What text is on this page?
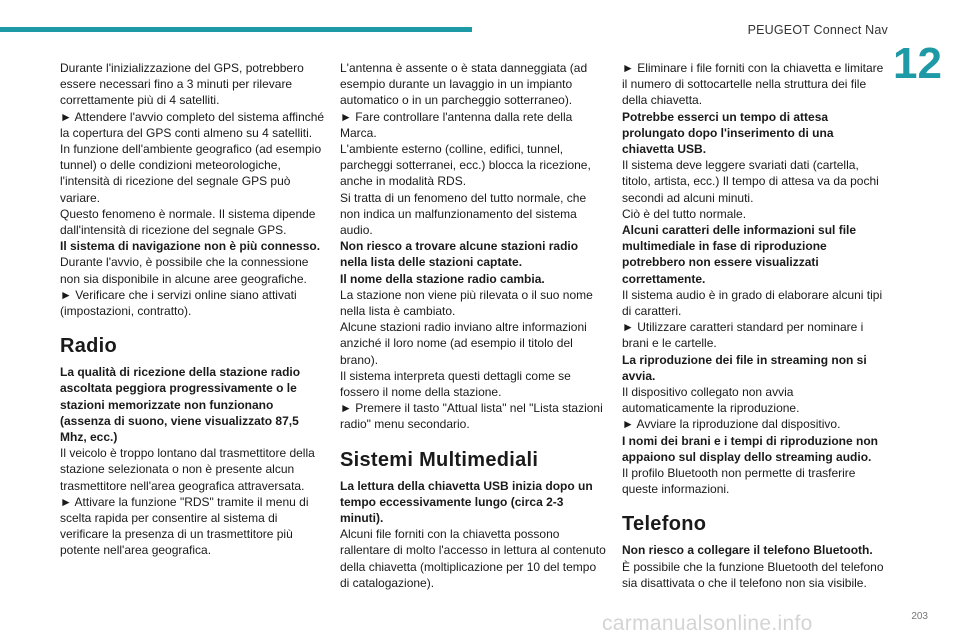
PEUGEOT Connect Nav
12

Durante l'inizializzazione del GPS, potrebbero essere necessari fino a 3 minuti per rilevare correttamente più di 4 satelliti.

► Attendere l'avvio completo del sistema affinché la copertura del GPS conti almeno su 4 satelliti.

In funzione dell'ambiente geografico (ad esempio tunnel) o delle condizioni meteorologiche, l'intensità di ricezione del segnale GPS può variare.

Questo fenomeno è normale. Il sistema dipende dall'intensità di ricezione del segnale GPS.

Il sistema di navigazione non è più connesso.

Durante l'avvio, è possibile che la connessione non sia disponibile in alcune aree geografiche.

► Verificare che i servizi online siano attivati (impostazioni, contratto).

Radio

La qualità di ricezione della stazione radio ascoltata peggiora progressivamente o le stazioni memorizzate non funzionano (assenza di suono, viene visualizzato 87,5 Mhz, ecc.)

Il veicolo è troppo lontano dal trasmettitore della stazione selezionata o non è presente alcun trasmettitore nell'area geografica attraversata.

► Attivare la funzione "RDS" tramite il menu di scelta rapida per consentire al sistema di verificare la presenza di un trasmettitore più potente nell'area geografica.

L'antenna è assente o è stata danneggiata (ad esempio durante un lavaggio in un impianto automatico o in un parcheggio sotterraneo).

► Fare controllare l'antenna dalla rete della Marca.

L'ambiente esterno (colline, edifici, tunnel, parcheggi sotterranei, ecc.) blocca la ricezione, anche in modalità RDS.

Si tratta di un fenomeno del tutto normale, che non indica un malfunzionamento del sistema audio.

Non riesco a trovare alcune stazioni radio nella lista delle stazioni captate.

Il nome della stazione radio cambia.

La stazione non viene più rilevata o il suo nome nella lista è cambiato.

Alcune stazioni radio inviano altre informazioni anziché il loro nome (ad esempio il titolo del brano).

Il sistema interpreta questi dettagli come se fossero il nome della stazione.

► Premere il tasto "Attual lista" nel "Lista stazioni radio" menu secondario.

Sistemi Multimediali

La lettura della chiavetta USB inizia dopo un tempo eccessivamente lungo (circa 2-3 minuti).

Alcuni file forniti con la chiavetta possono rallentare di molto l'accesso in lettura al contenuto della chiavetta (moltiplicazione per 10 del tempo di catalogazione).

► Eliminare i file forniti con la chiavetta e limitare il numero di sottocartelle nella struttura dei file della chiavetta.

Potrebbe esserci un tempo di attesa prolungato dopo l'inserimento di una chiavetta USB.

Il sistema deve leggere svariati dati (cartella, titolo, artista, ecc.) Il tempo di attesa va da pochi secondi ad alcuni minuti.

Ciò è del tutto normale.

Alcuni caratteri delle informazioni sul file multimediale in fase di riproduzione potrebbero non essere visualizzati correttamente.

Il sistema audio è in grado di elaborare alcuni tipi di caratteri.

► Utilizzare caratteri standard per nominare i brani e le cartelle.

La riproduzione dei file in streaming non si avvia.

Il dispositivo collegato non avvia automaticamente la riproduzione.

► Avviare la riproduzione dal dispositivo.

I nomi dei brani e i tempi di riproduzione non appaiono sul display dello streaming audio.

Il profilo Bluetooth non permette di trasferire queste informazioni.

Telefono

Non riesco a collegare il telefono Bluetooth.

È possibile che la funzione Bluetooth del telefono sia disattivata o che il telefono non sia visibile.

carmanualsonline.info	203
